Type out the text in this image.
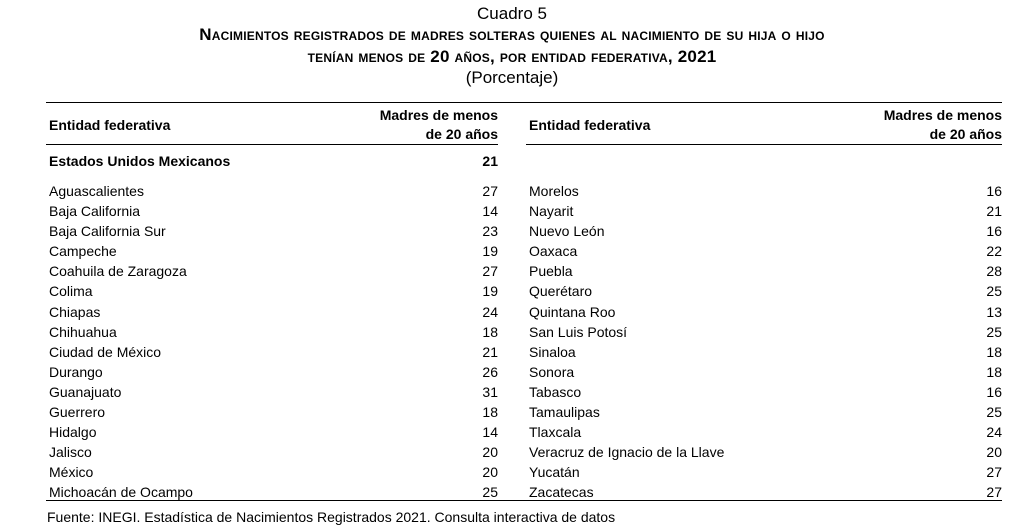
Cuadro 5
Nacimientos registrados de madres solteras quienes al nacimiento de su hija o hijo
tenían menos de 20 años, por entidad federativa, 2021
(Porcentaje)
Entidad federativa
Madres de menos
de 20 años
Estados Unidos Mexicanos	21
Aguascalientes	27
Baja California	14
Baja California Sur	23
Campeche	19
Coahuila de Zaragoza	27
Colima	19
Chiapas	24
Chihuahua	18
Ciudad de México	21
Durango	26
Guanajuato	31
Guerrero	18
Hidalgo	14
Jalisco	20
México	20
Michoacán de Ocampo	25
Entidad federativa
Madres de menos
de 20 años
Morelos	16
Nayarit	21
Nuevo León	16
Oaxaca	22
Puebla	28
Querétaro	25
Quintana Roo	13
San Luis Potosí	25
Sinaloa	18
Sonora	18
Tabasco	16
Tamaulipas	25
Tlaxcala	24
Veracruz de Ignacio de la Llave	20
Yucatán	27
Zacatecas	27
Fuente: INEGI. Estadística de Nacimientos Registrados 2021. Consulta interactiva de datos
